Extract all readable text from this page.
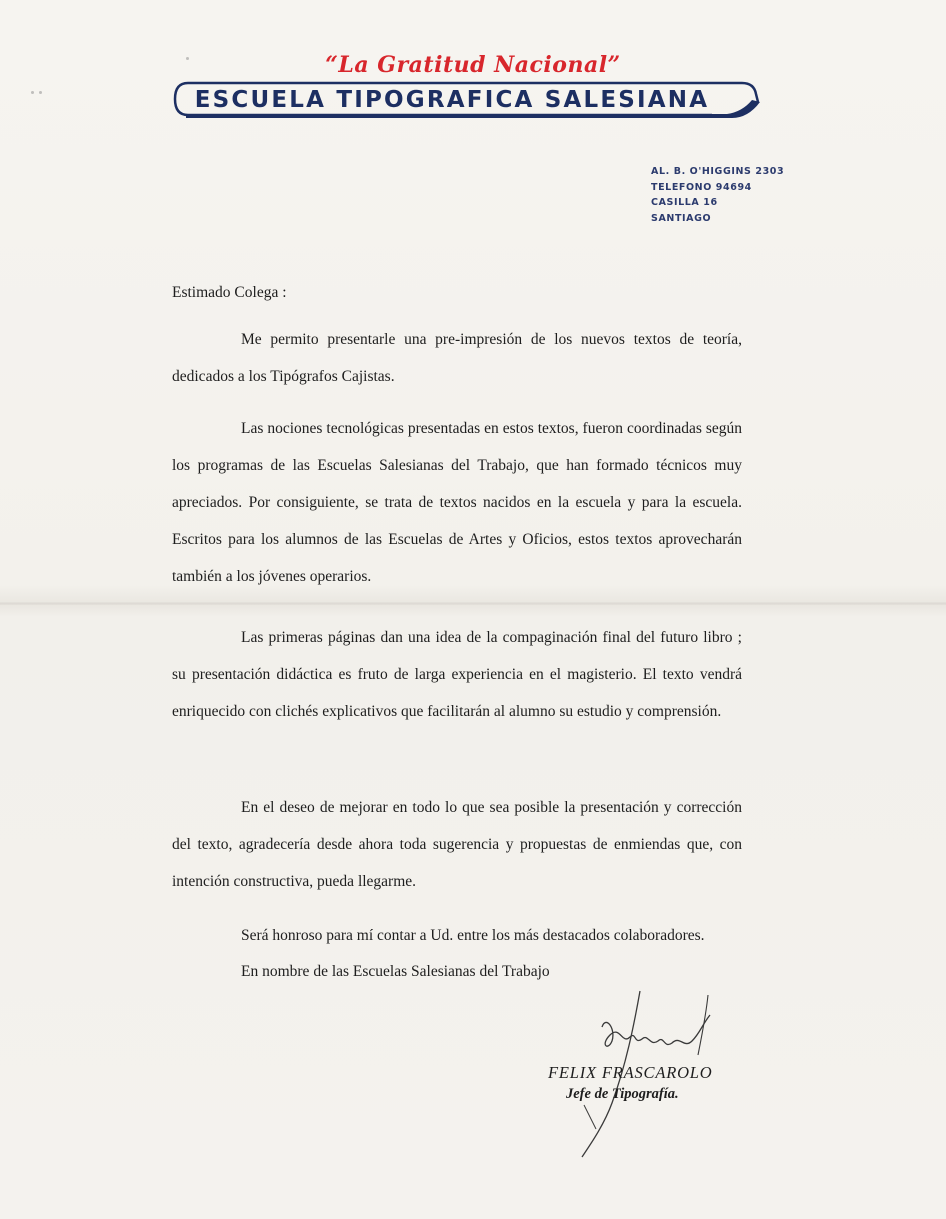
“La Gratitud Nacional”
ESCUELA TIPOGRAFICA SALESIANA
AL. B. O'HIGGINS 2303
TELEFONO 94694
CASILLA 16
SANTIAGO
Estimado Colega :
Me permito presentarle una pre-impresión de los nuevos textos de teoría, dedicados a los Tipógrafos Cajistas.
Las nociones tecnológicas presentadas en estos textos, fueron coordinadas según los programas de las Escuelas Salesianas del Trabajo, que han formado técnicos muy apreciados. Por consiguiente, se trata de textos nacidos en la escuela y para la escuela. Escritos para los alumnos de las Escuelas de Artes y Oficios, estos textos aprovecharán también a los jóvenes operarios.
Las primeras páginas dan una idea de la compaginación final del futuro libro ; su presentación didáctica es fruto de larga experiencia en el magisterio. El texto vendrá enriquecido con clichés explicativos que facilitarán al alumno su estudio y comprensión.
En el deseo de mejorar en todo lo que sea posible la presentación y corrección del texto, agradecería desde ahora toda sugerencia y propuestas de enmiendas que, con intención constructiva, pueda llegarme.
Será honroso para mí contar a Ud. entre los más destacados colaboradores.
En nombre de las Escuelas Salesianas del Trabajo
FELIX FRASCAROLO
Jefe de Tipografía.
